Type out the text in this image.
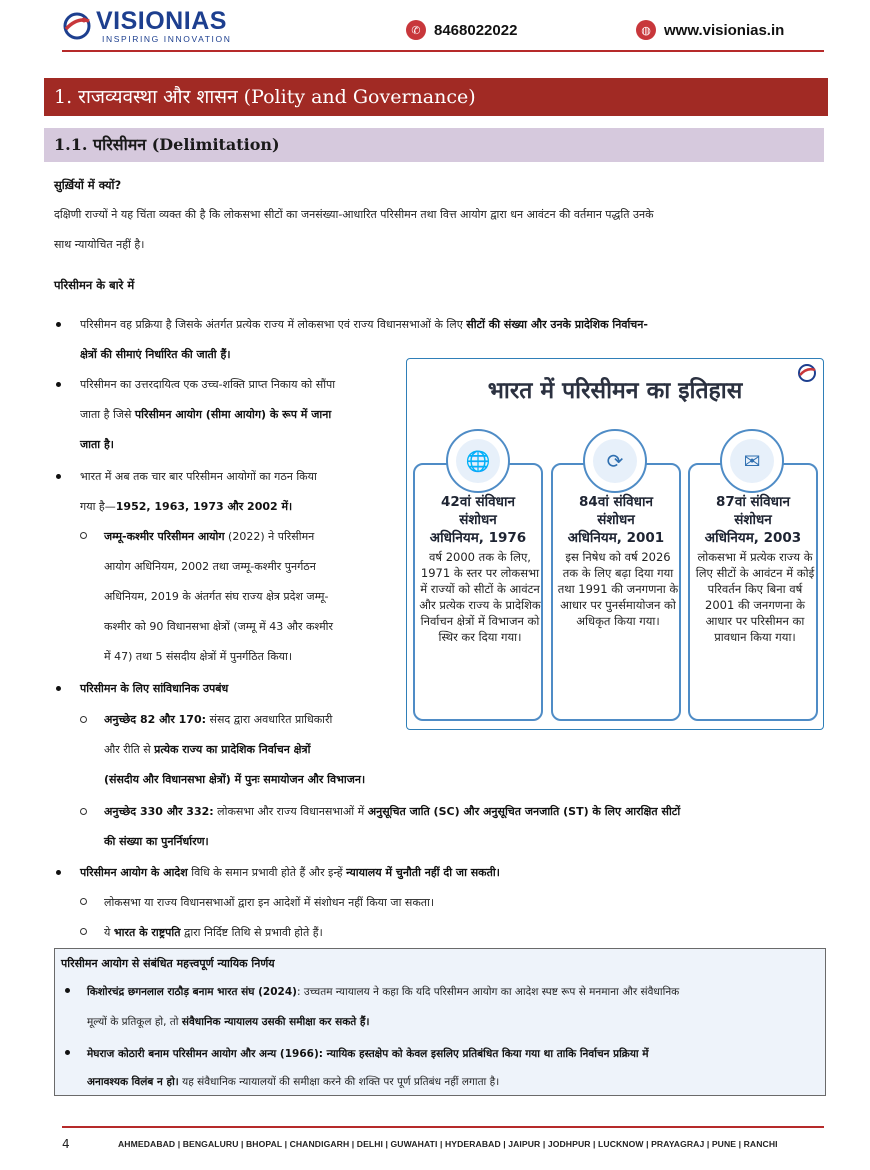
VISIONIAS
INSPIRING INNOVATION
✆ 8468022022	◍ www.visionias.in
1. राजव्यवस्था और शासन (Polity and Governance)
1.1. परिसीमन (Delimitation)
सुर्ख़ियों में क्यों?
दक्षिणी राज्यों ने यह चिंता व्यक्त की है कि लोकसभा सीटों का जनसंख्या-आधारित परिसीमन तथा वित्त आयोग द्वारा धन आवंटन की वर्तमान पद्धति उनके
साथ न्यायोचित नहीं है।
परिसीमन के बारे में
परिसीमन वह प्रक्रिया है जिसके अंतर्गत प्रत्येक राज्य में लोकसभा एवं राज्य विधानसभाओं के लिए सीटों की संख्या और उनके प्रादेशिक निर्वाचन-
क्षेत्रों की सीमाएं निर्धारित की जाती हैं।
परिसीमन का उत्तरदायित्व एक उच्च-शक्ति प्राप्त निकाय को सौंपा
जाता है जिसे परिसीमन आयोग (सीमा आयोग) के रूप में जाना
जाता है।
भारत में अब तक चार बार परिसीमन आयोगों का गठन किया
गया है—1952, 1963, 1973 और 2002 में।
जम्मू-कश्मीर परिसीमन आयोग (2022) ने परिसीमन
आयोग अधिनियम, 2002 तथा जम्मू-कश्मीर पुनर्गठन
अधिनियम, 2019 के अंतर्गत संघ राज्य क्षेत्र प्रदेश जम्मू-
कश्मीर को 90 विधानसभा क्षेत्रों (जम्मू में 43 और कश्मीर
में 47) तथा 5 संसदीय क्षेत्रों में पुनर्गठित किया।
परिसीमन के लिए सांविधानिक उपबंध
अनुच्छेद 82 और 170: संसद द्वारा अवधारित प्राधिकारी
और रीति से प्रत्येक राज्य का प्रादेशिक निर्वाचन क्षेत्रों
(संसदीय और विधानसभा क्षेत्रों) में पुनः समायोजन और विभाजन।
अनुच्छेद 330 और 332: लोकसभा और राज्य विधानसभाओं में अनुसूचित जाति (SC) और अनुसूचित जनजाति (ST) के लिए आरक्षित सीटों
की संख्या का पुनर्निर्धारण।
परिसीमन आयोग के आदेश विधि के समान प्रभावी होते हैं और इन्हें न्यायालय में चुनौती नहीं दी जा सकती।
लोकसभा या राज्य विधानसभाओं द्वारा इन आदेशों में संशोधन नहीं किया जा सकता।
ये भारत के राष्ट्रपति द्वारा निर्दिष्ट तिथि से प्रभावी होते हैं।
भारत में परिसीमन का इतिहास
🌐
42वां संविधान
संशोधन
अधिनियम, 1976
वर्ष 2000 तक के लिए, 1971 के स्तर पर लोकसभा में राज्यों को सीटों के आवंटन और प्रत्येक राज्य के प्रादेशिक निर्वाचन क्षेत्रों में विभाजन को स्थिर कर दिया गया।
⟳
84वां संविधान
संशोधन
अधिनियम, 2001
इस निषेध को वर्ष 2026 तक के लिए बढ़ा दिया गया तथा 1991 की जनगणना के आधार पर पुनर्समायोजन को अधिकृत किया गया।
✉
87वां संविधान
संशोधन
अधिनियम, 2003
लोकसभा में प्रत्येक राज्य के लिए सीटों के आवंटन में कोई परिवर्तन किए बिना वर्ष 2001 की जनगणना के आधार पर परिसीमन का प्रावधान किया गया।
परिसीमन आयोग से संबंधित महत्त्वपूर्ण न्यायिक निर्णय
किशोरचंद्र छगनलाल राठौड़ बनाम भारत संघ (2024): उच्चतम न्यायालय ने कहा कि यदि परिसीमन आयोग का आदेश स्पष्ट रूप से मनमाना और संवैधानिक
मूल्यों के प्रतिकूल हो, तो संवैधानिक न्यायालय उसकी समीक्षा कर सकते हैं।
मेघराज कोठारी बनाम परिसीमन आयोग और अन्य (1966): न्यायिक हस्तक्षेप को केवल इसलिए प्रतिबंधित किया गया था ताकि निर्वाचन प्रक्रिया में
अनावश्यक विलंब न हो। यह संवैधानिक न्यायालयों की समीक्षा करने की शक्ति पर पूर्ण प्रतिबंध नहीं लगाता है।
4	AHMEDABAD | BENGALURU | BHOPAL | CHANDIGARH | DELHI | GUWAHATI | HYDERABAD | JAIPUR | JODHPUR | LUCKNOW | PRAYAGRAJ | PUNE | RANCHI
